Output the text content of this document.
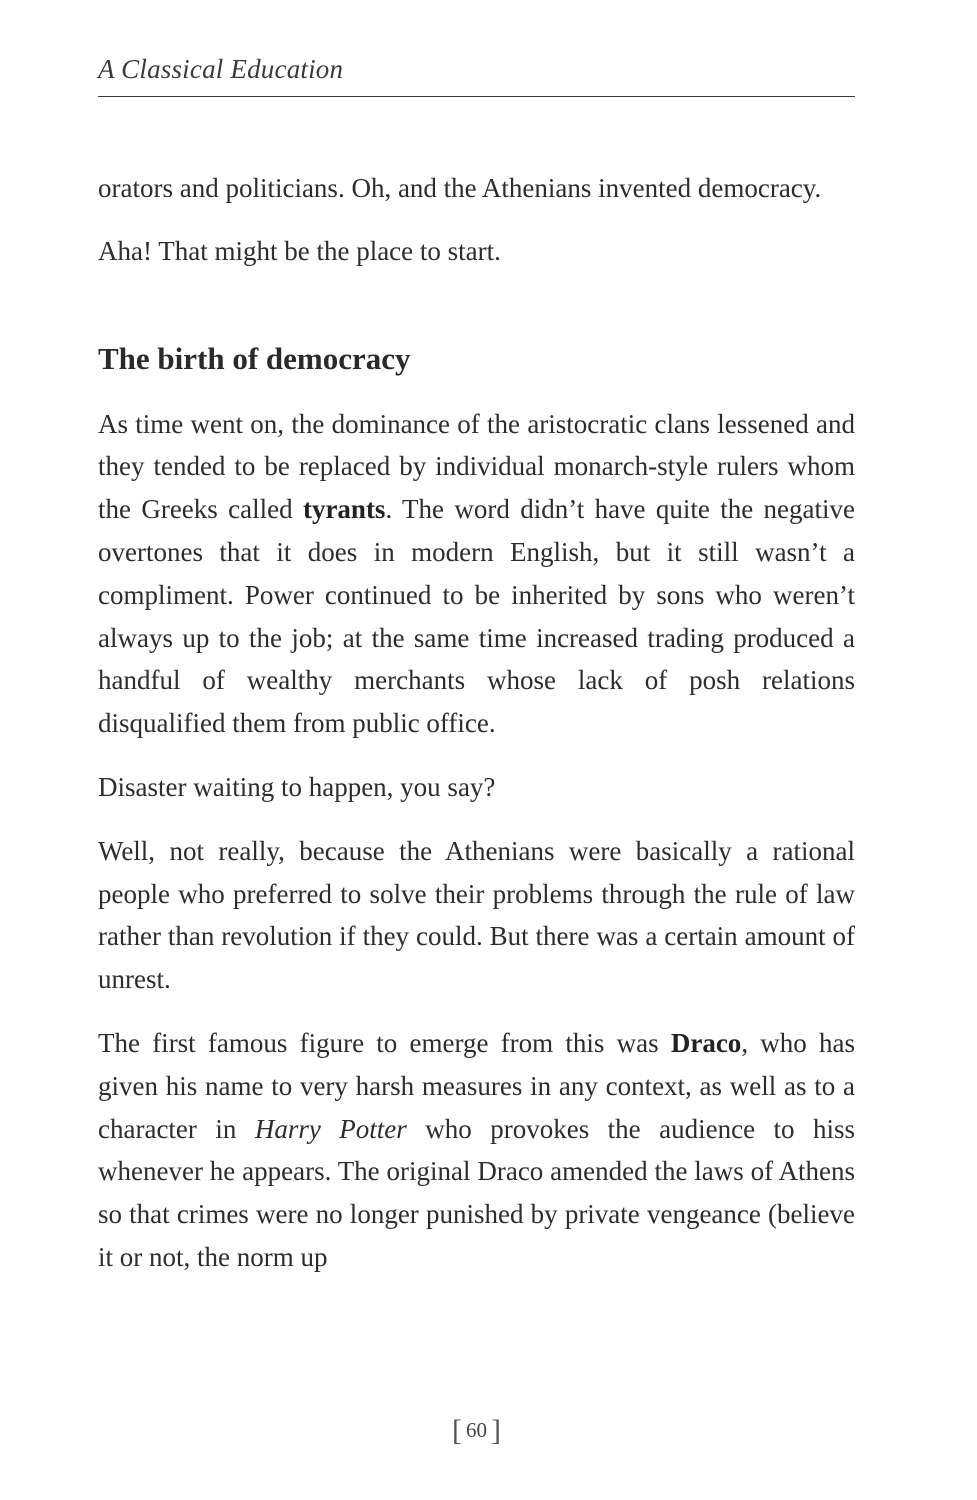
A Classical Education

orators and politicians. Oh, and the Athenians invented democracy.

Aha! That might be the place to start.

The birth of democracy

As time went on, the dominance of the aristocratic clans lessened and they tended to be replaced by individual monarch-style rulers whom the Greeks called tyrants. The word didn’t have quite the negative overtones that it does in modern English, but it still wasn’t a compliment. Power continued to be inherited by sons who weren’t always up to the job; at the same time increased trading produced a handful of wealthy merchants whose lack of posh relations disqualified them from public office.

Disaster waiting to happen, you say?

Well, not really, because the Athenians were basically a rational people who preferred to solve their problems through the rule of law rather than revolution if they could. But there was a certain amount of unrest.

The first famous figure to emerge from this was Draco, who has given his name to very harsh measures in any context, as well as to a character in Harry Potter who provokes the audience to hiss whenever he appears. The original Draco amended the laws of Athens so that crimes were no longer punished by private vengeance (believe it or not, the norm up

[ 60 ]
